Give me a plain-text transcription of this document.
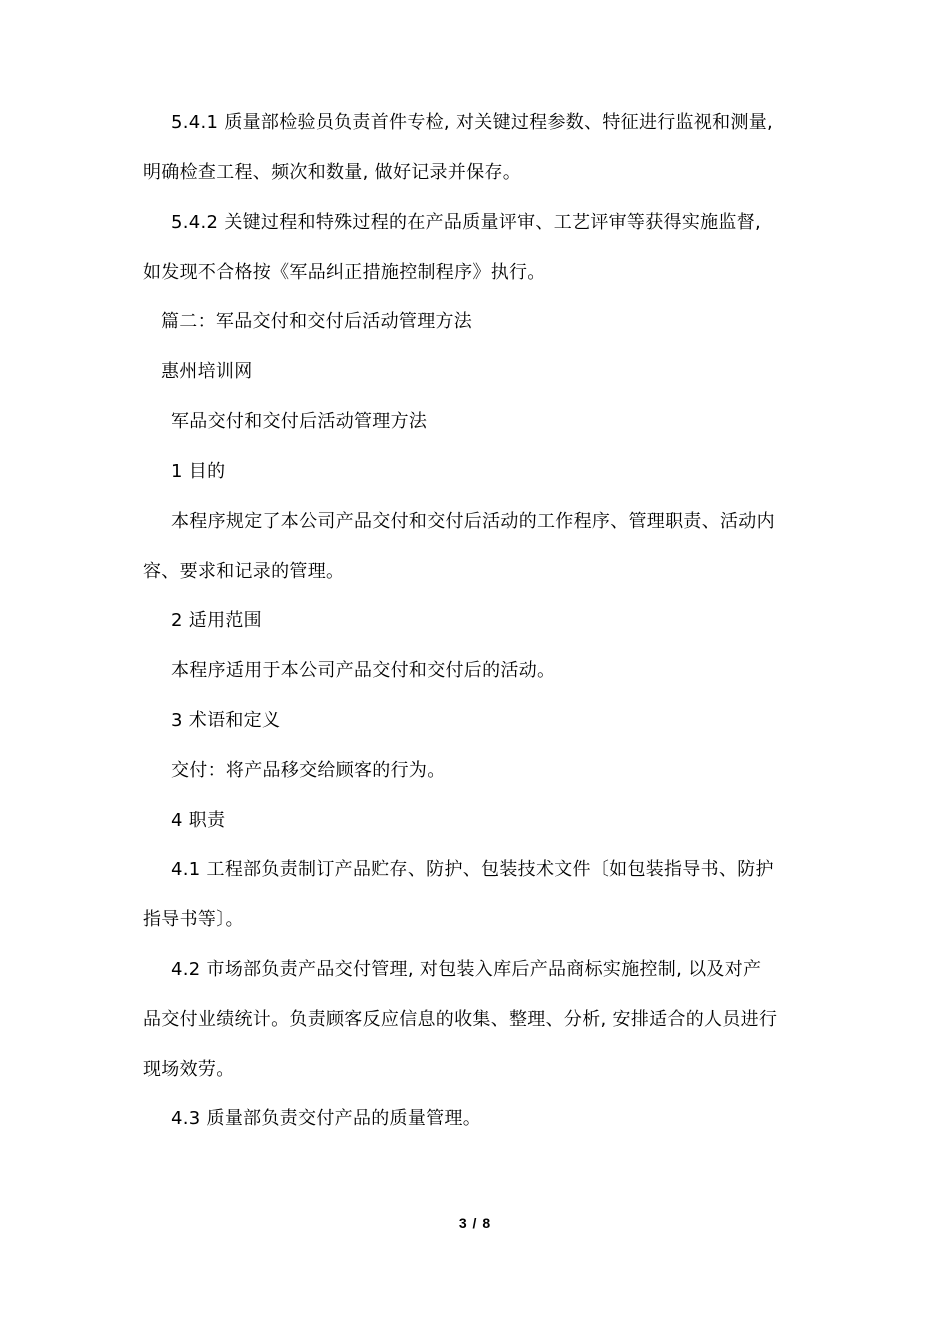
5.4.1 质量部检验员负责首件专检, 对关键过程参数、特征进行监视和测量,
明确检查工程、频次和数量, 做好记录并保存。
5.4.2 关键过程和特殊过程的在产品质量评审、工艺评审等获得实施监督,
如发现不合格按《军品纠正措施控制程序》执行。
篇二：军品交付和交付后活动管理方法
惠州培训网
军品交付和交付后活动管理方法
1 目的
本程序规定了本公司产品交付和交付后活动的工作程序、管理职责、活动内
容、要求和记录的管理。
2 适用范围
本程序适用于本公司产品交付和交付后的活动。
3 术语和定义
交付：将产品移交给顾客的行为。
4 职责
4.1 工程部负责制订产品贮存、防护、包装技术文件〔如包装指导书、防护
指导书等〕。
4.2 市场部负责产品交付管理, 对包装入库后产品商标实施控制, 以及对产
品交付业绩统计。负责顾客反应信息的收集、整理、分析, 安排适合的人员进行
现场效劳。
4.3 质量部负责交付产品的质量管理。
3 / 8
